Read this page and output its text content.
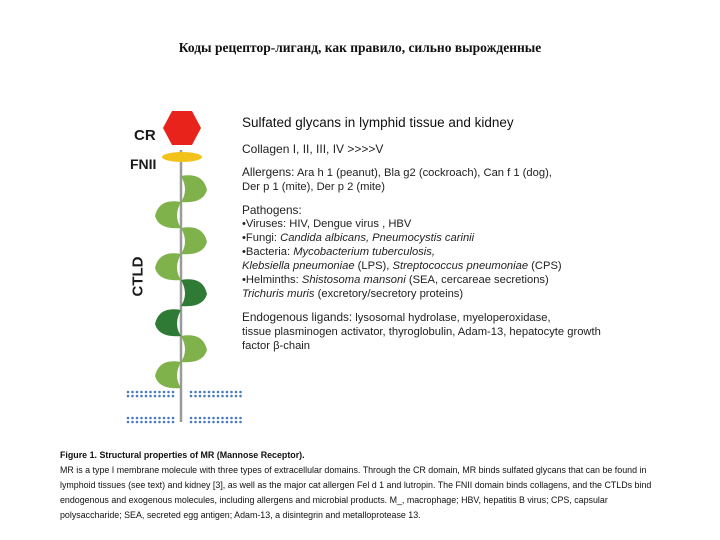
Коды рецептор-лиганд, как правило, сильно вырожденные
CR
FNII
CTLD
Sulfated glycans in lymphid tissue and kidney
Collagen I, II, III, IV >>>>V
Allergens: Ara h 1 (peanut), Bla g2 (cockroach), Can f 1 (dog),
Der p 1 (mite), Der p 2 (mite)
Pathogens:
•Viruses: HIV, Dengue virus , HBV
•Fungi: Candida albicans, Pneumocystis carinii
•Bacteria: Mycobacterium tuberculosis,
Klebsiella pneumoniae (LPS), Streptococcus pneumoniae (CPS)
•Helminths: Shistosoma mansoni (SEA, cercareae secretions)
Trichuris muris (excretory/secretory proteins)
Endogenous ligands: lysosomal hydrolase, myeloperoxidase,
tissue plasminogen activator, thyroglobulin, Adam-13, hepatocyte growth
factor β-chain
Figure 1. Structural properties of MR (Mannose Receptor).
MR is a type I membrane molecule with three types of extracellular domains. Through the CR domain, MR binds sulfated glycans that can be found in lymphoid tissues (see text) and kidney [3], as well as the major cat allergen Fel d 1 and lutropin. The FNII domain binds collagens, and the CTLDs bind endogenous and exogenous molecules, including allergens and microbial products. M_, macrophage; HBV, hepatitis B virus; CPS, capsular polysaccharide; SEA, secreted egg antigen; Adam-13, a disintegrin and metalloprotease 13.
